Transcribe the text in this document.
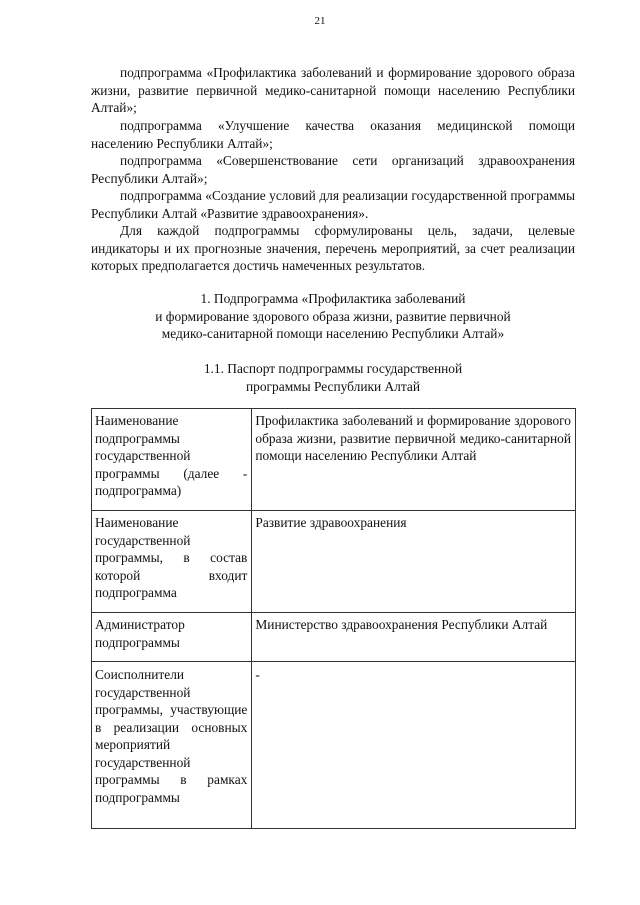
21

подпрограмма «Профилактика заболеваний и формирование здорового образа жизни, развитие первичной медико-санитарной помощи населению Республики Алтай»;

подпрограмма «Улучшение качества оказания медицинской помощи населению Республики Алтай»;

подпрограмма «Совершенствование сети организаций здравоохранения Республики Алтай»;

подпрограмма «Создание условий для реализации государственной программы Республики Алтай «Развитие здравоохранения».

Для каждой подпрограммы сформулированы цель, задачи, целевые индикаторы и их прогнозные значения, перечень мероприятий, за счет реализации которых предполагается достичь намеченных результатов.

1. Подпрограмма «Профилактика заболеваний
и формирование здорового образа жизни, развитие первичной
медико-санитарной помощи населению Республики Алтай»
1.1. Паспорт подпрограммы государственной
программы Республики Алтай
Наименование подпрограммы государственной программы (далее - подпрограмма)	Профилактика заболеваний и формирование здорового образа жизни, развитие первичной медико-санитарной помощи населению Республики Алтай
Наименование государственной программы, в состав которой входит подпрограмма	Развитие здравоохранения
Администратор подпрограммы	Министерство здравоохранения Республики Алтай
Соисполнители государственной программы, участвующие в реализации основных мероприятий государственной программы в рамках подпрограммы	-
